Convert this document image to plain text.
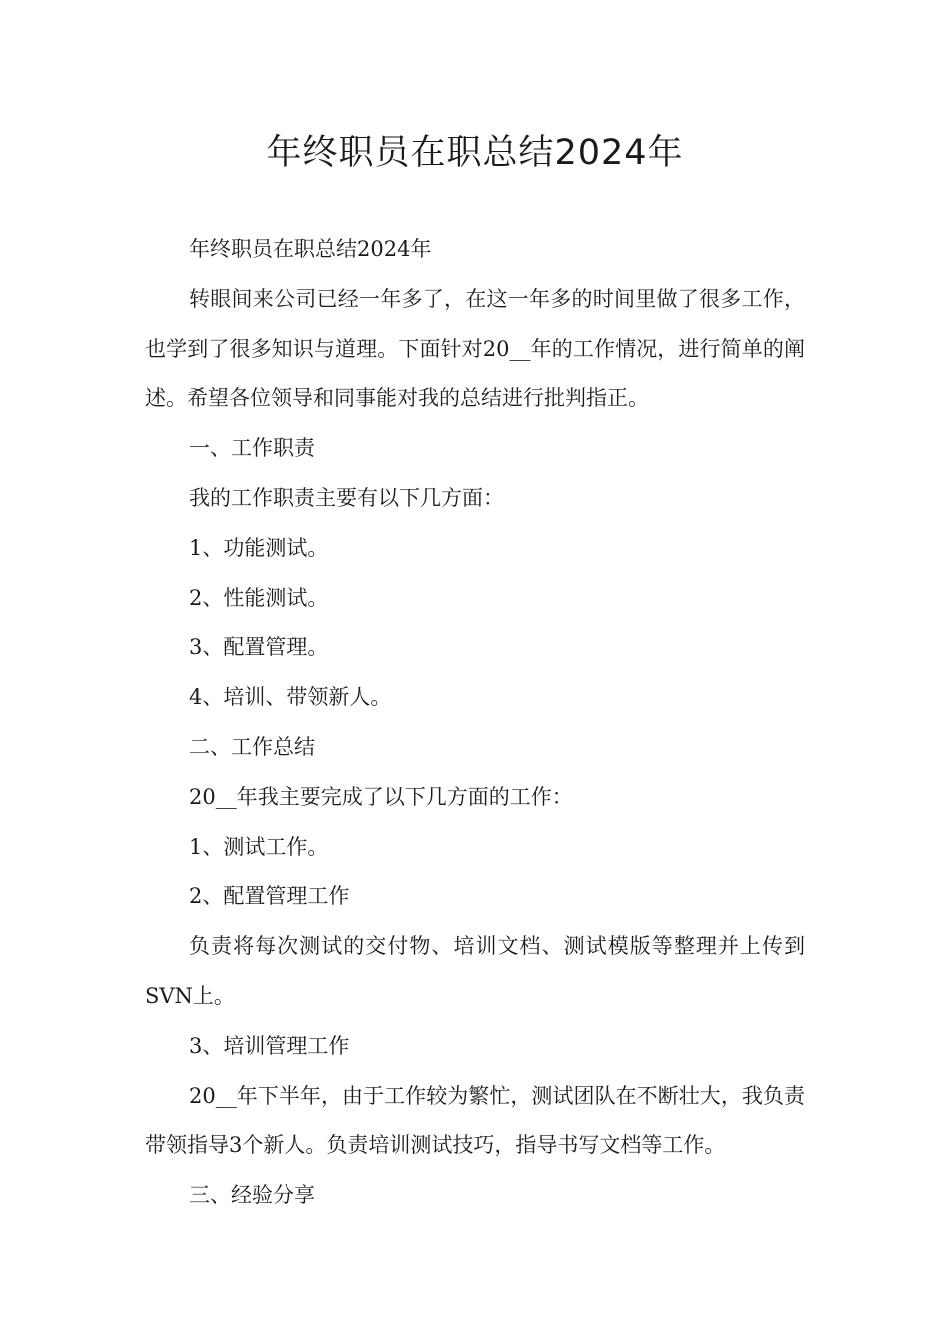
年终职员在职总结2024年

年终职员在职总结2024年

转眼间来公司已经一年多了，在这一年多的时间里做了很多工作，也学到了很多知识与道理。下面针对20__年的工作情况，进行简单的阐述。希望各位领导和同事能对我的总结进行批判指正。

一、工作职责

我的工作职责主要有以下几方面：

1、功能测试。

2、性能测试。

3、配置管理。

4、培训、带领新人。

二、工作总结

20__年我主要完成了以下几方面的工作：

1、测试工作。

2、配置管理工作

负责将每次测试的交付物、培训文档、测试模版等整理并上传到SVN上。

3、培训管理工作

20__年下半年，由于工作较为繁忙，测试团队在不断壮大，我负责带领指导3个新人。负责培训测试技巧，指导书写文档等工作。

三、经验分享
